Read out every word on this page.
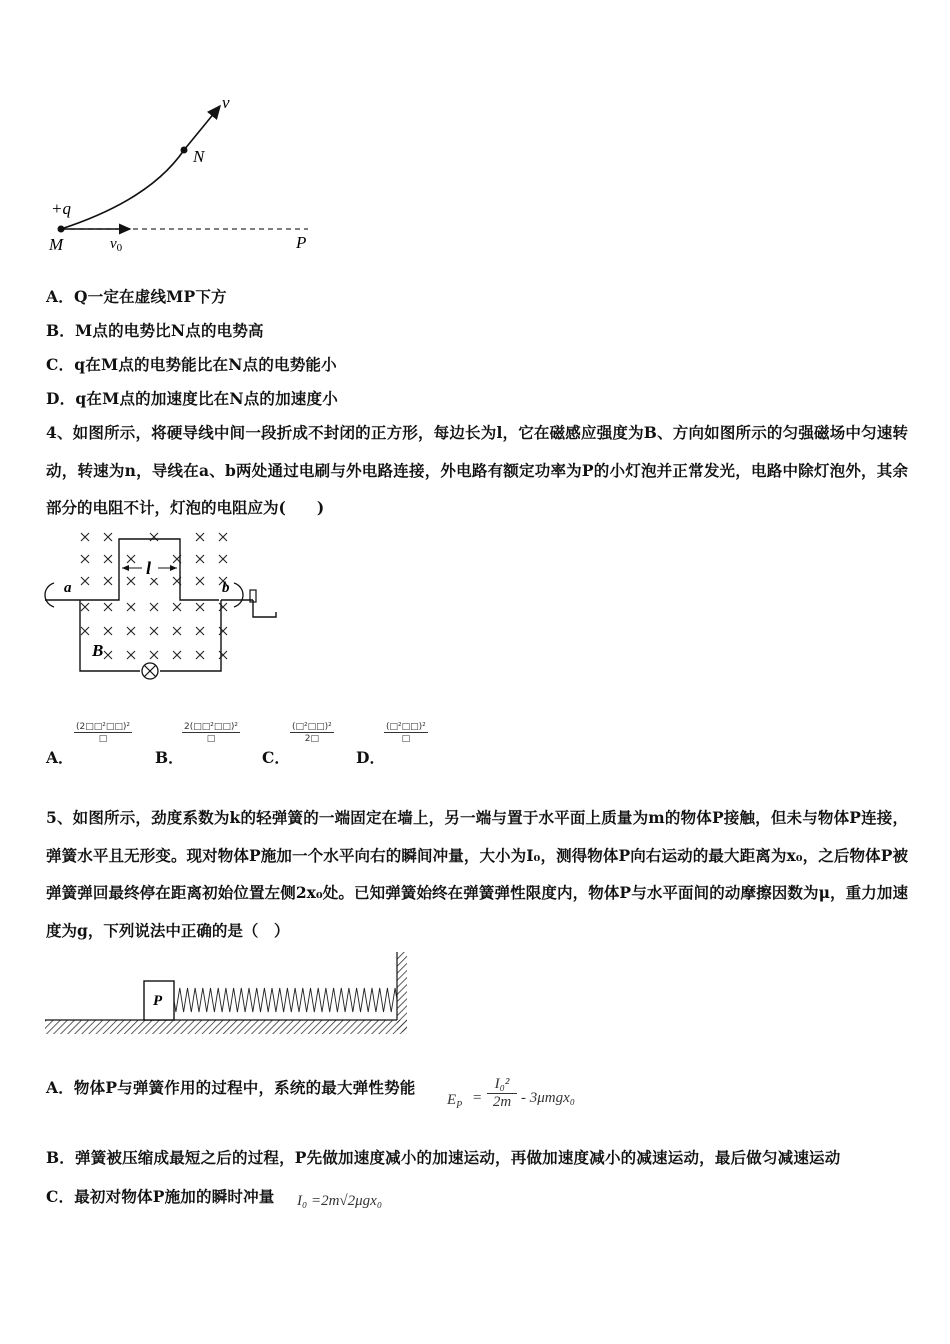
v
N
+q
M	$v_0$	P
A．Q一定在虚线MP下方
B．M点的电势比N点的电势高
C．q在M点的电势能比在N点的电势能小
D．q在M点的加速度比在N点的加速度小

4、如图所示，将硬导线中间一段折成不封闭的正方形，每边长为l，它在磁感应强度为B、方向如图所示的匀强磁场中匀速转动，转速为n，导线在a、b两处通过电刷与外电路连接，外电路有额定功率为P的小灯泡并正常发光，电路中除灯泡外，其余部分的电阻不计，灯泡的电阻应为(　　)

l
a	b
B
A．
(2□□²□□)²
□
B．
2(□□²□□)²
□
C．
(□²□□)²
2□
D．
(□²□□)²
□

5、如图所示，劲度系数为k的轻弹簧的一端固定在墙上，另一端与置于水平面上质量为m的物体P接触，但未与物体P连接，弹簧水平且无形变。现对物体P施加一个水平向右的瞬间冲量，大小为I₀，测得物体P向右运动的最大距离为x₀，之后物体P被弹簧弹回最终停在距离初始位置左侧2x₀处。已知弹簧始终在弹簧弹性限度内，物体P与水平面间的动摩擦因数为μ，重力加速度为g，下列说法中正确的是（　）

P
A．物体P与弹簧作用的过程中，系统的最大弹性势能
$E_P$ =
I₀²
2m - 3μmgx₀
B．弹簧被压缩成最短之后的过程，P先做加速度减小的加速运动，再做加速度减小的减速运动，最后做匀减速运动
C．最初对物体P施加的瞬时冲量 I₀ =2m√2μgx₀
